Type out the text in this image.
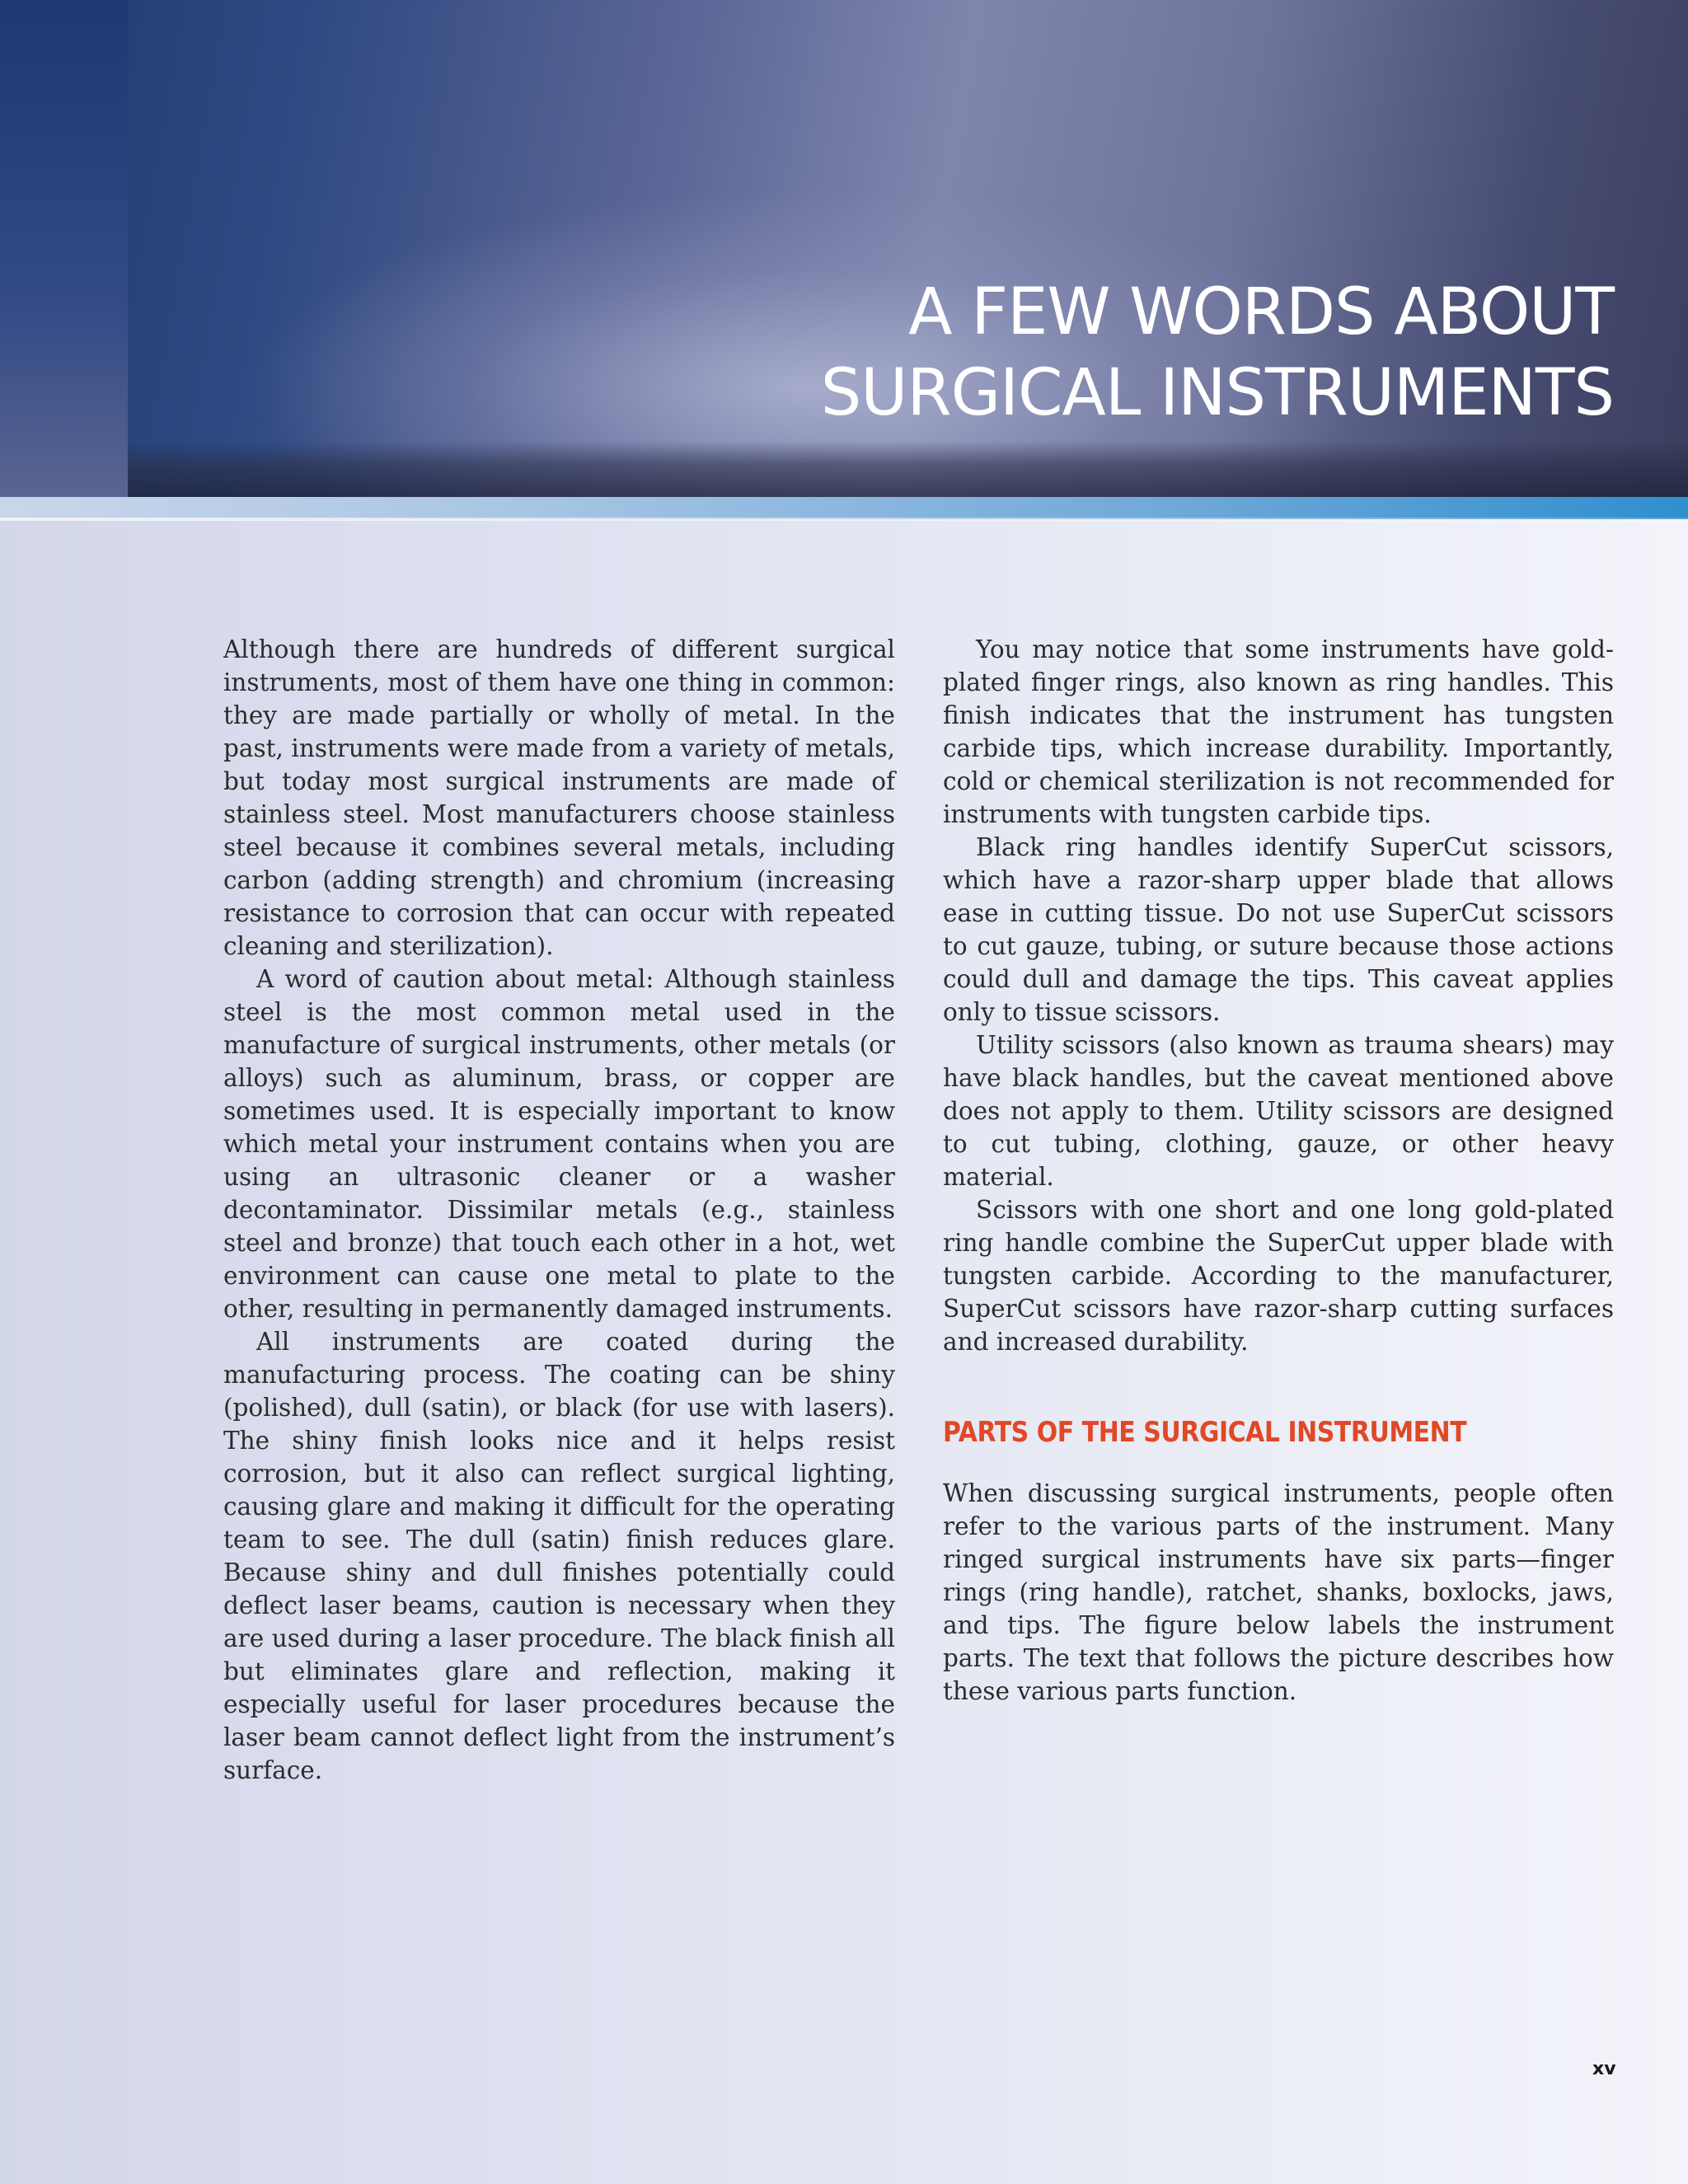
A FEW WORDS ABOUT
SURGICAL INSTRUMENTS

Although there are hundreds of different surgical instruments, most of them have one thing in common: they are made partially or wholly of metal. In the past, instruments were made from a variety of metals, but today most surgical instruments are made of stainless steel. Most manufacturers choose stainless steel because it combines several metals, including carbon (adding strength) and chromium (increasing resistance to corrosion that can occur with repeated cleaning and sterilization).

A word of caution about metal: Although stainless steel is the most common metal used in the manufacture of surgical instruments, other metals (or alloys) such as aluminum, brass, or copper are sometimes used. It is especially important to know which metal your instrument contains when you are using an ultrasonic cleaner or a washer decontaminator. Dissimilar metals (e.g., stainless steel and bronze) that touch each other in a hot, wet environment can cause one metal to plate to the other, resulting in permanently damaged instruments.

All instruments are coated during the manufacturing process. The coating can be shiny (polished), dull (satin), or black (for use with lasers). The shiny finish looks nice and it helps resist corrosion, but it also can reflect surgical lighting, causing glare and making it difficult for the operating team to see. The dull (satin) finish reduces glare. Because shiny and dull finishes potentially could deflect laser beams, caution is necessary when they are used during a laser procedure. The black finish all but eliminates glare and reflection, making it especially useful for laser procedures because the laser beam cannot deflect light from the instrument’s surface.

You may notice that some instruments have gold-plated finger rings, also known as ring handles. This finish indicates that the instrument has tungsten carbide tips, which increase durability. Importantly, cold or chemical sterilization is not recommended for instruments with tungsten carbide tips.

Black ring handles identify SuperCut scissors, which have a razor-sharp upper blade that allows ease in cutting tissue. Do not use SuperCut scissors to cut gauze, tubing, or suture because those actions could dull and damage the tips. This caveat applies only to tissue scissors.

Utility scissors (also known as trauma shears) may have black handles, but the caveat mentioned above does not apply to them. Utility scissors are designed to cut tubing, clothing, gauze, or other heavy material.

Scissors with one short and one long gold-plated ring handle combine the SuperCut upper blade with tungsten carbide. According to the manufacturer, SuperCut scissors have razor-sharp cutting surfaces and increased durability.

PARTS OF THE SURGICAL INSTRUMENT

When discussing surgical instruments, people often refer to the various parts of the instrument. Many ringed surgical instruments have six parts—finger rings (ring handle), ratchet, shanks, boxlocks, jaws, and tips. The figure below labels the instrument parts. The text that follows the picture describes how these various parts function.

xv
